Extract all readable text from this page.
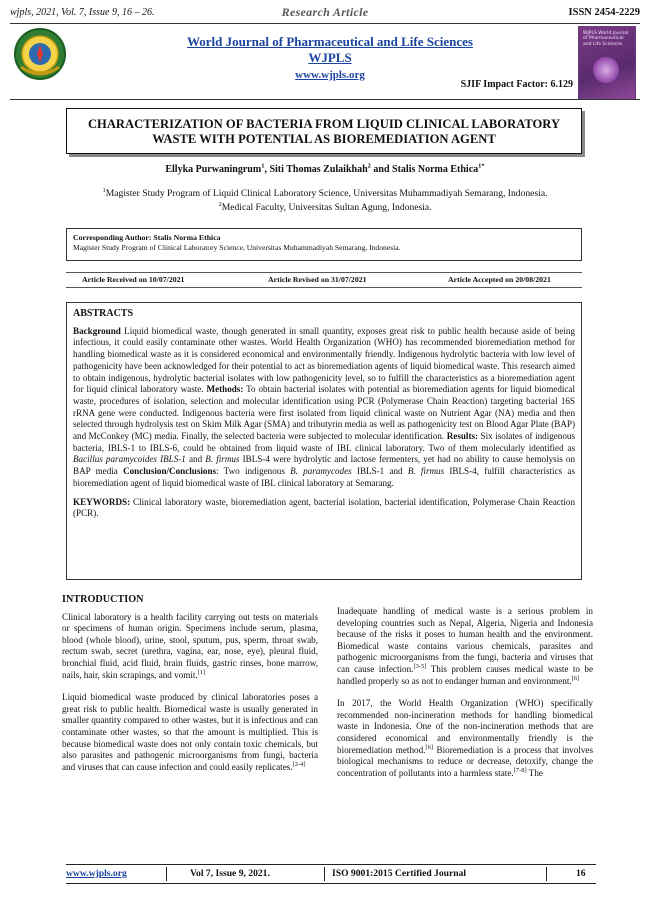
wjpls, 2021, Vol. 7, Issue 9, 16 – 26.	Research Article	ISSN 2454-2229
World Journal of Pharmaceutical and Life Sciences
WJPLS
www.wjpls.org
SJIF Impact Factor: 6.129
WJPLS World Journal of Pharmaceutical and Life Sciences
CHARACTERIZATION OF BACTERIA FROM LIQUID CLINICAL LABORATORY
WASTE WITH POTENTIAL AS BIOREMEDIATION AGENT
Ellyka Purwaningrum$^1$, Siti Thomas Zulaikhah$^2$ and Stalis Norma Ethica$^{1*}$
$^1$Magister Study Program of Liquid Clinical Laboratory Science, Universitas Muhammadiyah Semarang, Indonesia.
$^2$Medical Faculty, Universitas Sultan Agung, Indonesia.
Corresponding Author: Stalis Norma Ethica
Magister Study Program of Clinical Laboratory Science, Universitas Muhammadiyah Semarang, Indonesia.
Article Received on 10/07/2021	Article Revised on 31/07/2021	Article Accepted on 20/08/2021
ABSTRACTS

Background Liquid biomedical waste, though generated in small quantity, exposes great risk to public health because aside of being infectious, it could easily contaminate other wastes. World Health Organization (WHO) has recommended bioremediation method for handling biomedical waste as it is considered economical and environmentally friendly. Indigenous hydrolytic bacteria with low level of pathogenicity have been acknowledged for their potential to act as bioremediation agents of liquid biomedical waste. This research aimed to obtain indigenous, hydrolytic bacterial isolates with low pathogenicity level, so to fulfill the characteristics as a bioremediation agent for liquid clinical laboratory waste. Methods: To obtain bacterial isolates with potential as bioremediation agents for liquid biomedical waste, procedures of isolation, selection and molecular identification using PCR (Polymerase Chain Reaction) targeting bacterial 16S rRNA gene were conducted. Indigenous bacteria were first isolated from liquid clinical waste on Nutrient Agar (NA) media and then selected through hydrolysis test on Skim Milk Agar (SMA) and tributyrin media as well as pathogenicity test on Blood Agar Plate (BAP) and McConkey (MC) media. Finally, the selected bacteria were subjected to molecular identification. Results: Six isolates of indigenous bacteria, IBLS-1 to IBLS-6, could be obtained from liquid waste of IBL clinical laboratory. Two of them molecularly identified as Bacillus paramycoides IBLS-1 and B. firmus IBLS-4 were hydrolytic and lactose fermenters, yet had no ability to cause hemolysis on BAP media Conclusion/Conclusions: Two indigenous B. paramycodes IBLS-1 and B. firmus IBLS-4, fulfill characteristics as bioremediation agent of liquid biomedical waste of IBL clinical laboratory at Semarang.

KEYWORDS: Clinical laboratory waste, bioremediation agent, bacterial isolation, bacterial identification, Polymerase Chain Reaction (PCR).

INTRODUCTION

Clinical laboratory is a health facility carrying out tests on materials or specimens of human origin. Specimens include serum, plasma, blood (whole blood), urine, stool, sputum, pus, sperm, throat swab, rectum swab, secret (urethra, vagina, ear, nose, eye), pleural fluid, bronchial fluid, acid fluid, brain fluids, gastric rinses, bone marrow, nails, hair, skin scrapings, and vomit.[1]

Liquid biomedical waste produced by clinical laboratories poses a great risk to public health. Biomedical waste is usually generated in smaller quantity compared to other wastes, but it is infectious and can contaminate other wastes, so that the amount is multiplied. This is because biomedical waste does not only contain toxic chemicals, but also parasites and pathogenic microorganisms from fungi, bacteria and viruses that can cause infection and could easily replicates.[2-4]

Inadequate handling of medical waste is a serious problem in developing countries such as Nepal, Algeria, Nigeria and Indonesia because of the risks it poses to human health and the environment. Biomedical waste contains various chemicals, parasites and pathogenic microorganisms from the fungi, bacteria and viruses that can cause infection.[3-5] This problem causes medical waste to be handled properly so as not to endanger human and environment.[6]

In 2017, the World Health Organization (WHO) specifically recommended non-incineration methods for handling biomedical waste in Indonesia. One of the non-incineration methods that are considered economical and environmentally friendly is the bioremediation method.[6] Bioremediation is a process that involves biological mechanisms to reduce or decrease, detoxify, change the concentration of pollutants into a harmless state.[7-8] The

www.wjpls.org	Vol 7, Issue 9, 2021.	ISO 9001:2015 Certified Journal	16
